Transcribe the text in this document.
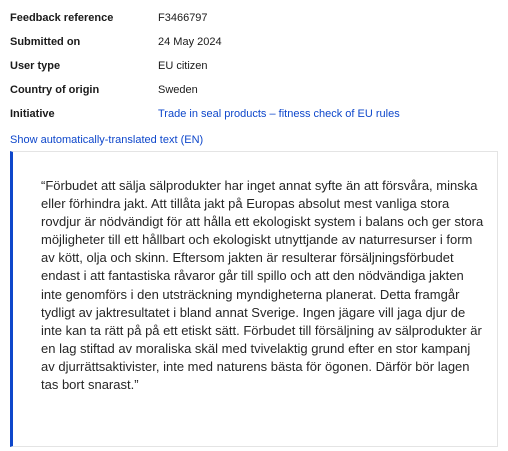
Feedback reference	F3466797
Submitted on	24 May 2024
User type	EU citizen
Country of origin	Sweden
Initiative	Trade in seal products – fitness check of EU rules
Show automatically-translated text (EN)

“Förbudet att sälja sälprodukter har inget annat syfte än att försvåra, minska eller förhindra jakt. Att tillåta jakt på Europas absolut mest vanliga stora rovdjur är nödvändigt för att hålla ett ekologiskt system i balans och ger stora möjligheter till ett hållbart och ekologiskt utnyttjande av naturresurser i form av kött, olja och skinn. Eftersom jakten är resulterar försäljningsförbudet endast i att fantastiska råvaror går till spillo och att den nödvändiga jakten inte genomförs i den utsträckning myndigheterna planerat. Detta framgår tydligt av jaktresultatet i bland annat Sverige. Ingen jägare vill jaga djur de inte kan ta rätt på på ett etiskt sätt. Förbudet till försäljning av sälprodukter är en lag stiftad av moraliska skäl med tvivelaktig grund efter en stor kampanj av djurrättsaktivister, inte med naturens bästa för ögonen. Därför bör lagen tas bort snarast.”
